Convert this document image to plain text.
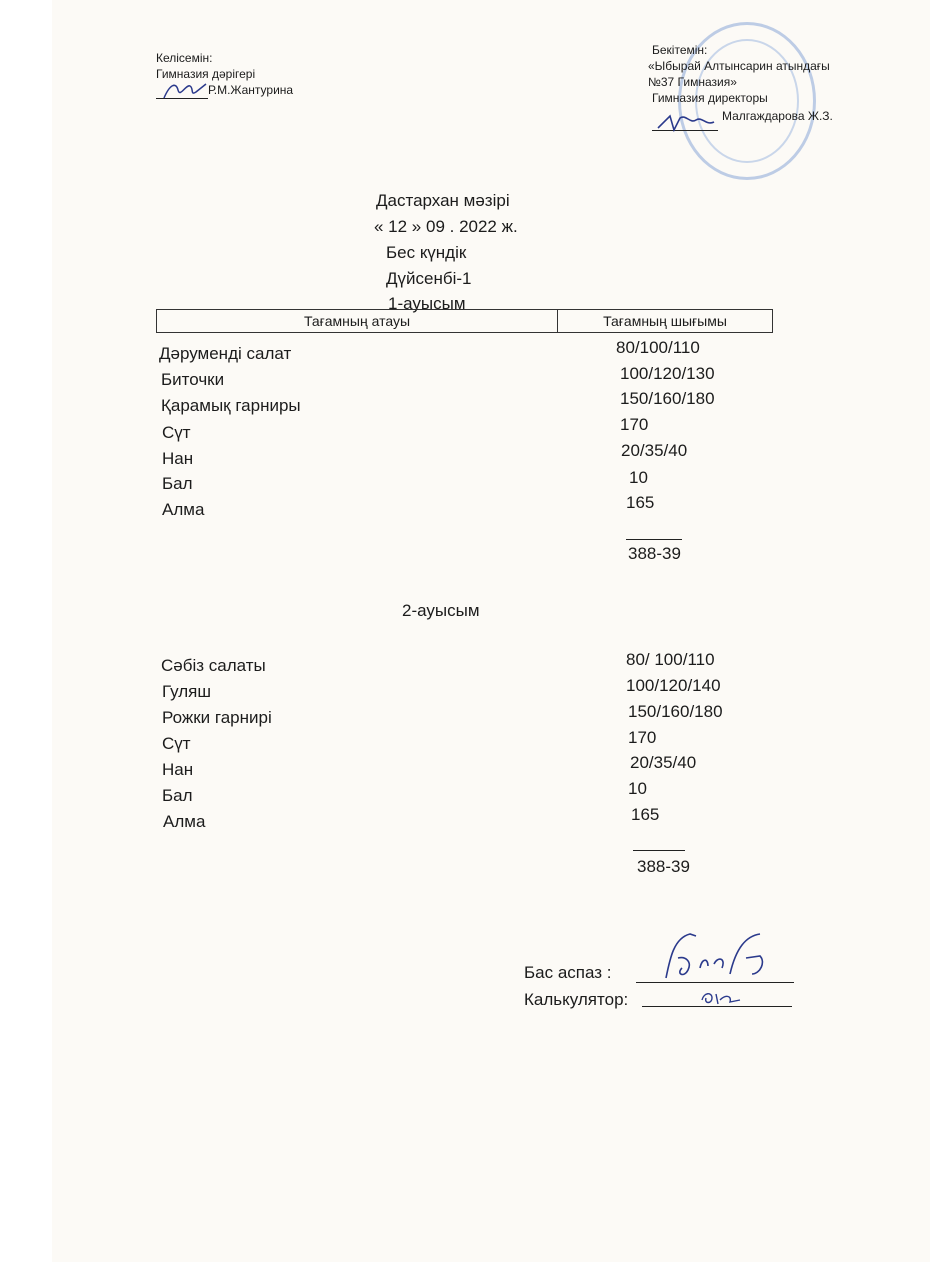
Келісемін:
Гимназия дәрігері
Р.М.Жантурина
Бекітемін:
«Ыбырай Алтынсарин атындағы
№37 Гимназия»
Гимназия директоры
Малгаждарова Ж.З.
Дастархан мәзірі
« 12 » 09 . 2022 ж.
Бес күндік
Дүйсенбі-1
1-ауысым
Тағамның атауы	Тағамның шығымы
Дәруменді салат	80/100/110
Биточки	100/120/130
Қарамық гарниры	150/160/180
Сүт	170
Нан	20/35/40
Бал	10
Алма	165
388-39
2-ауысым
Сәбіз салаты	80/ 100/110
Гуляш	100/120/140
Рожки гарнирі	150/160/180
Сүт	170
Нан	20/35/40
Бал	10
Алма	165
388-39
Бас аспаз :
Калькулятор:
